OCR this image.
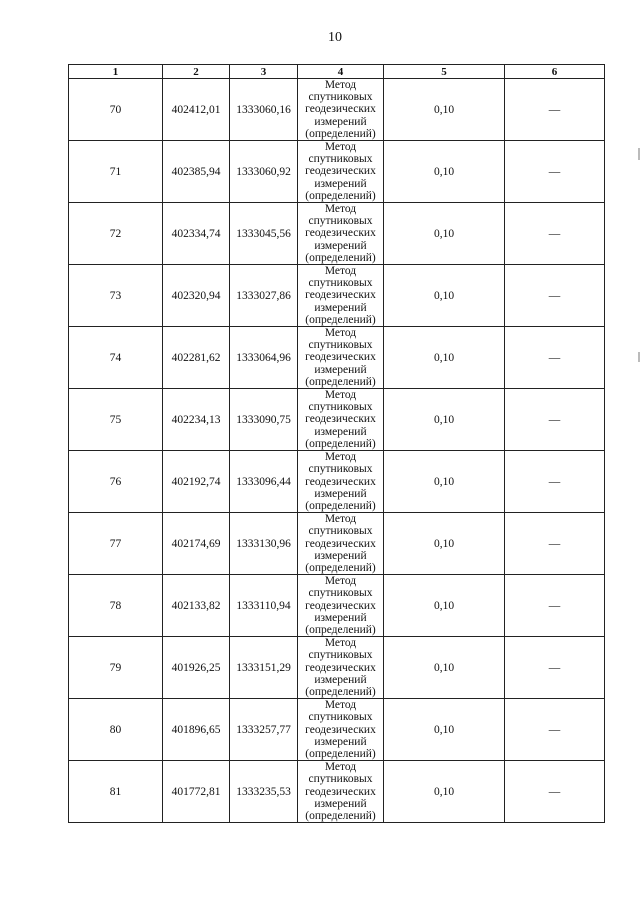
10
1	2	3	4	5	6
70	402412,01	1333060,16	Метод
спутниковых
геодезических
измерений
(определений)	0,10	—
71	402385,94	1333060,92	Метод
спутниковых
геодезических
измерений
(определений)	0,10	—
72	402334,74	1333045,56	Метод
спутниковых
геодезических
измерений
(определений)	0,10	—
73	402320,94	1333027,86	Метод
спутниковых
геодезических
измерений
(определений)	0,10	—
74	402281,62	1333064,96	Метод
спутниковых
геодезических
измерений
(определений)	0,10	—
75	402234,13	1333090,75	Метод
спутниковых
геодезических
измерений
(определений)	0,10	—
76	402192,74	1333096,44	Метод
спутниковых
геодезических
измерений
(определений)	0,10	—
77	402174,69	1333130,96	Метод
спутниковых
геодезических
измерений
(определений)	0,10	—
78	402133,82	1333110,94	Метод
спутниковых
геодезических
измерений
(определений)	0,10	—
79	401926,25	1333151,29	Метод
спутниковых
геодезических
измерений
(определений)	0,10	—
80	401896,65	1333257,77	Метод
спутниковых
геодезических
измерений
(определений)	0,10	—
81	401772,81	1333235,53	Метод
спутниковых
геодезических
измерений
(определений)	0,10	—
